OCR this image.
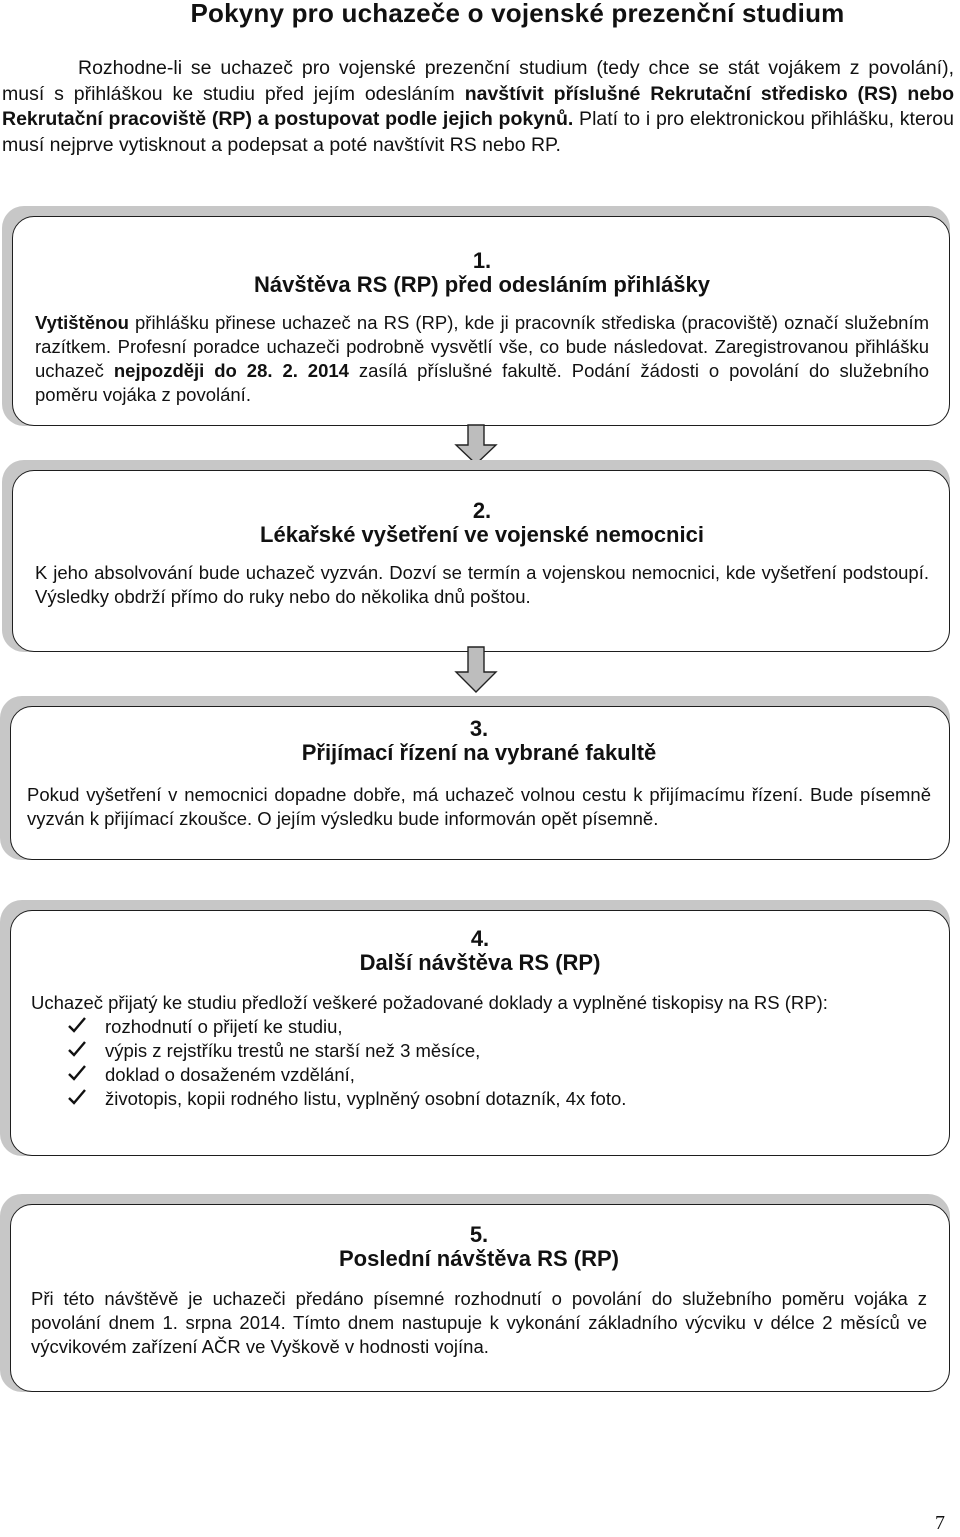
Pokyny pro uchazeče o vojenské prezenční studium

Rozhodne-li se uchazeč pro vojenské prezenční studium (tedy chce se stát vojákem z povolání), musí s přihláškou ke studiu před jejím odesláním navštívit příslušné Rekrutační středisko (RS) nebo Rekrutační pracoviště (RP) a postupovat podle jejich pokynů. Platí to i pro elektronickou přihlášku, kterou musí nejprve vytisknout a podepsat a poté navštívit RS nebo RP.

1.
Návštěva RS (RP) před odesláním přihlášky
Vytištěnou přihlášku přinese uchazeč na RS (RP), kde ji pracovník střediska (pracoviště) označí služebním razítkem. Profesní poradce uchazeči podrobně vysvětlí vše, co bude následovat. Zaregistrovanou přihlášku uchazeč nejpozději do 28. 2. 2014 zasílá příslušné fakultě. Podání žádosti o povolání do služebního poměru vojáka z povolání.
2.
Lékařské vyšetření ve vojenské nemocnici
K jeho absolvování bude uchazeč vyzván. Dozví se termín a vojenskou nemocnici, kde vyšetření podstoupí. Výsledky obdrží přímo do ruky nebo do několika dnů poštou.
3.
Přijímací řízení na vybrané fakultě
Pokud vyšetření v nemocnici dopadne dobře, má uchazeč volnou cestu k přijímacímu řízení. Bude písemně vyzván k přijímací zkoušce. O jejím výsledku bude informován opět písemně.
4.
Další návštěva RS (RP)
Uchazeč přijatý ke studiu předloží veškeré požadované doklady a vyplněné tiskopisy na RS (RP):
rozhodnutí o přijetí ke studiu,
výpis z rejstříku trestů ne starší než 3 měsíce,
doklad o dosaženém vzdělání,
životopis, kopii rodného listu, vyplněný osobní dotazník, 4x foto.
5.
Poslední návštěva RS (RP)
Při této návštěvě je uchazeči předáno písemné rozhodnutí o povolání do služebního poměru vojáka z povolání dnem 1. srpna 2014. Tímto dnem nastupuje k vykonání základního výcviku v délce 2 měsíců ve výcvikovém zařízení AČR ve Vyškově v hodnosti vojína.
7
